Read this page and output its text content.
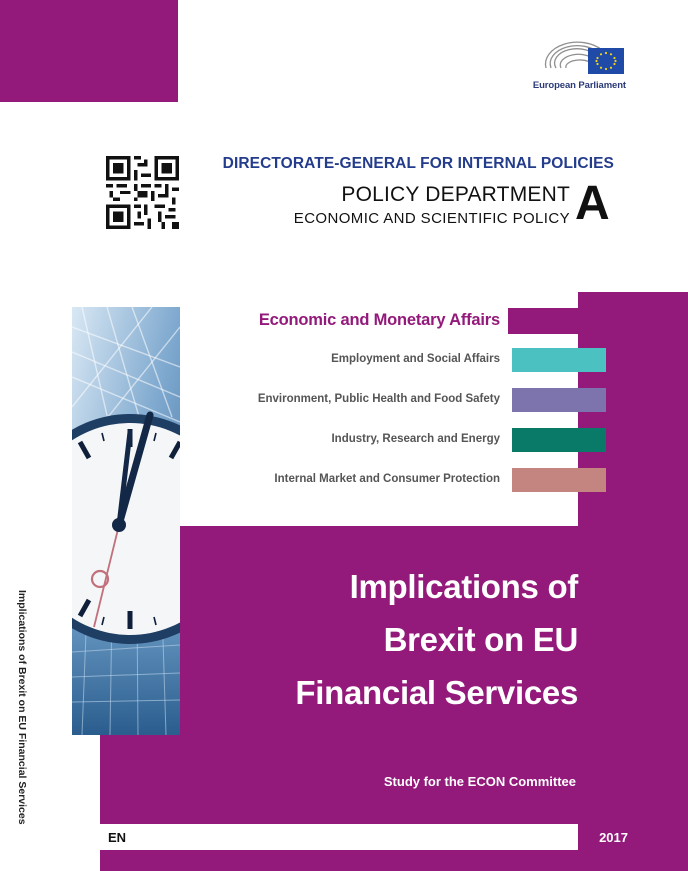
European Parliament
DIRECTORATE-GENERAL FOR INTERNAL POLICIES
POLICY DEPARTMENT
ECONOMIC AND SCIENTIFIC POLICY A
Economic and Monetary Affairs
Employment and Social Affairs
Environment, Public Health and Food Safety
Industry, Research and Energy
Internal Market and Consumer Protection
Implications of
Brexit on EU
Financial Services
Study for the ECON Committee
EN	2017
Implications of Brexit on EU Financial Services
